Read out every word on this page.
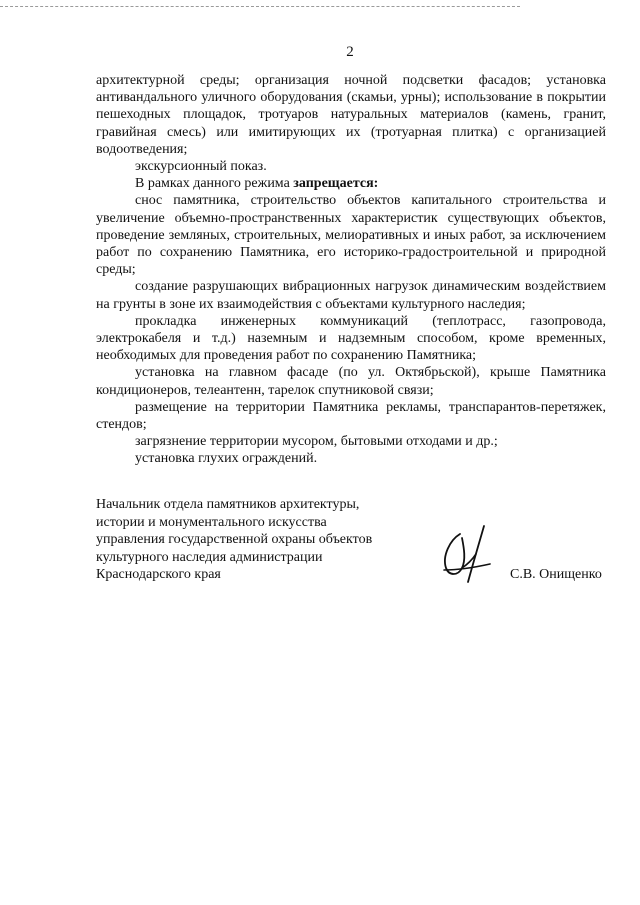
2

архитектурной среды; организация ночной подсветки фасадов; установка антивандального уличного оборудования (скамьи, урны); использование в покрытии пешеходных площадок, тротуаров натуральных материалов (камень, гранит, гравийная смесь) или имитирующих их (тротуарная плитка) с организацией водоотведения;

экскурсионный показ.

В рамках данного режима запрещается:

снос памятника, строительство объектов капитального строительства и увеличение объемно-пространственных характеристик существующих объектов, проведение земляных, строительных, мелиоративных и иных работ, за исключением работ по сохранению Памятника, его историко-градостроительной и природной среды;

создание разрушающих вибрационных нагрузок динамическим воздействием на грунты в зоне их взаимодействия с объектами культурного наследия;

прокладка инженерных коммуникаций (теплотрасс, газопровода, электрокабеля и т.д.) наземным и надземным способом, кроме временных, необходимых для проведения работ по сохранению Памятника;

установка на главном фасаде (по ул. Октябрьской), крыше Памятника кондиционеров, телеантенн, тарелок спутниковой связи;

размещение на территории Памятника рекламы, транспарантов-перетяжек, стендов;

загрязнение территории мусором, бытовыми отходами и др.;

установка глухих ограждений.

Начальник отдела памятников архитектуры,
истории и монументального искусства
управления государственной охраны объектов
культурного наследия администрации
Краснодарского края	С.В. Онищенко
